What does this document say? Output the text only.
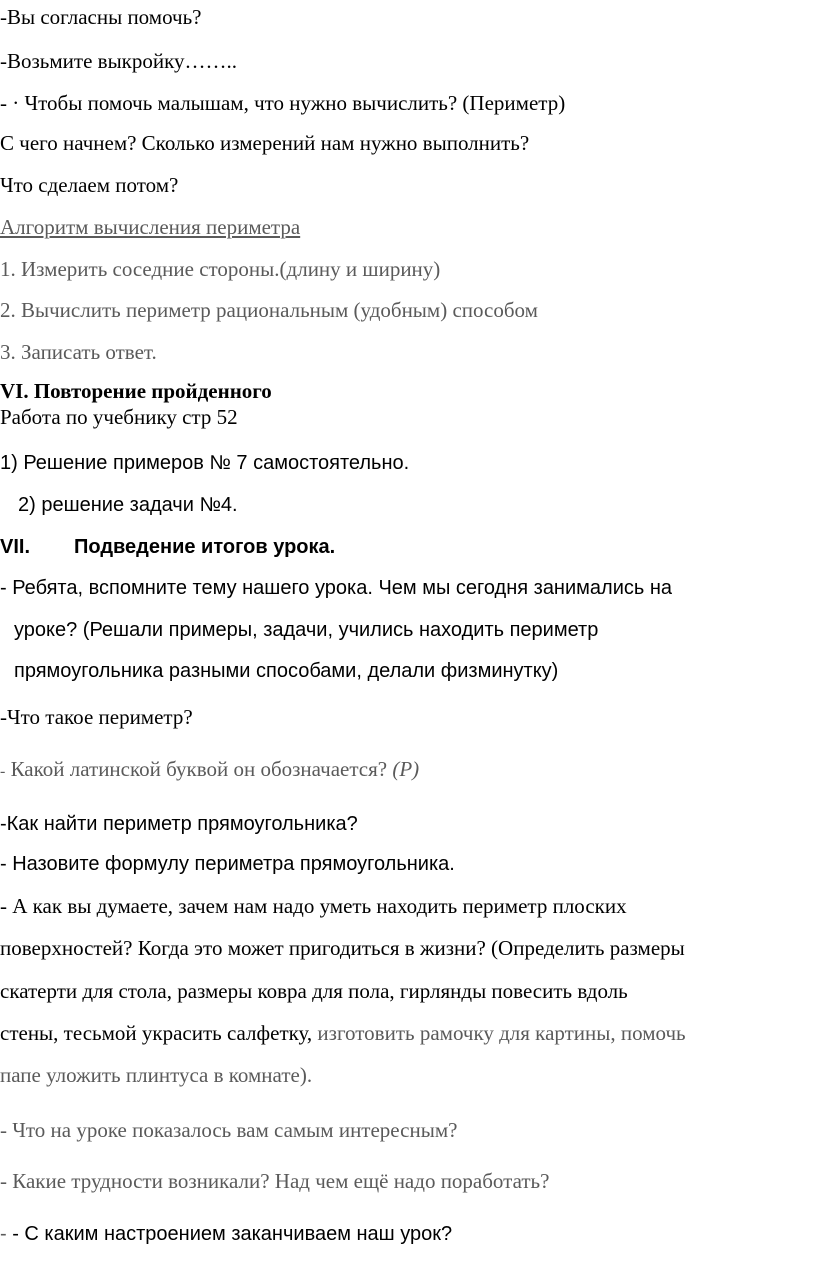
-Вы согласны помочь?
-Возьмите выкройку……..
- · Чтобы помочь малышам, что нужно вычислить? (Периметр)
С чего начнем? Сколько измерений нам нужно выполнить?
Что сделаем потом?
Алгоритм вычисления периметра
1. Измерить соседние стороны.(длину и ширину)
2. Вычислить периметр рациональным (удобным) способом
3. Записать ответ.
VI. Повторение пройденного
Работа по учебнику стр 52
1) Решение примеров № 7 самостоятельно.
2) решение задачи №4.
VII. Подведение итогов урока.
- Ребята, вспомните тему нашего урока. Чем мы сегодня занимались на
уроке? (Решали примеры, задачи, учились находить периметр
прямоугольника разными способами, делали физминутку)
-Что такое периметр?
- Какой латинской буквой он обозначается? (Р)
-Как найти периметр прямоугольника?
- Назовите формулу периметра прямоугольника.
- А как вы думаете, зачем нам надо уметь находить периметр плоских
поверхностей? Когда это может пригодиться в жизни? (Определить размеры
скатерти для стола, размеры ковра для пола, гирлянды повесить вдоль
стены, тесьмой украсить салфетку, изготовить рамочку для картины, помочь
папе уложить плинтуса в комнате).
- Что на уроке показалось вам самым интересным?
- Какие трудности возникали? Над чем ещё надо поработать?
- - С каким настроением заканчиваем наш урок?
